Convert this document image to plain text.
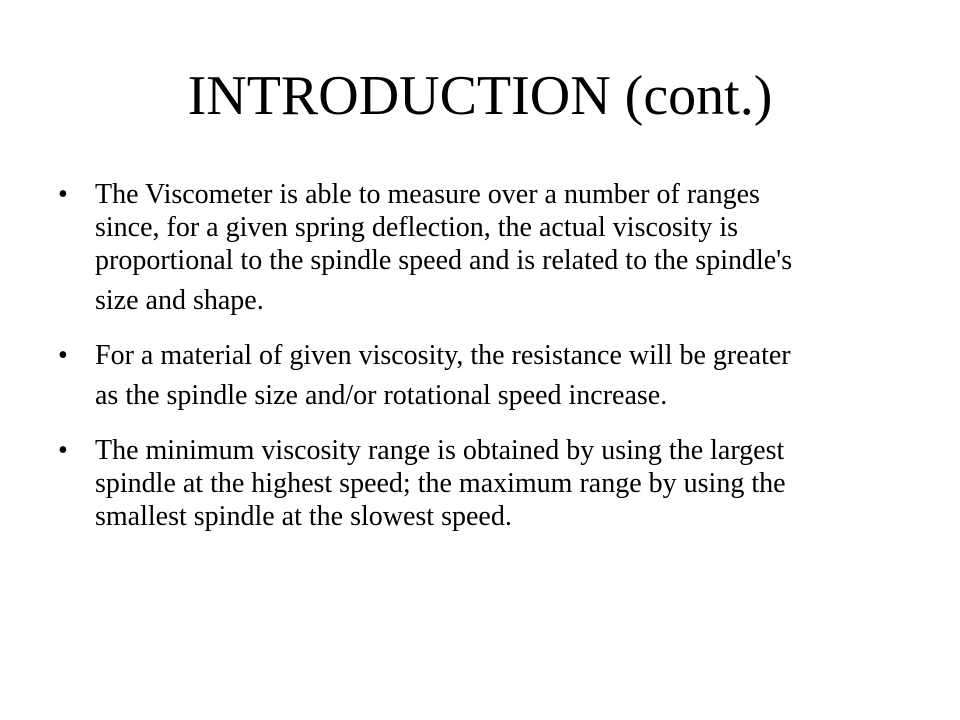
INTRODUCTION (cont.)
• The Viscometer is able to measure over a number of ranges
since, for a given spring deflection, the actual viscosity is
proportional to the spindle speed and is related to the spindle's
size and shape.
• For a material of given viscosity, the resistance will be greater
as the spindle size and/or rotational speed increase.
• The minimum viscosity range is obtained by using the largest
spindle at the highest speed; the maximum range by using the
smallest spindle at the slowest speed.
